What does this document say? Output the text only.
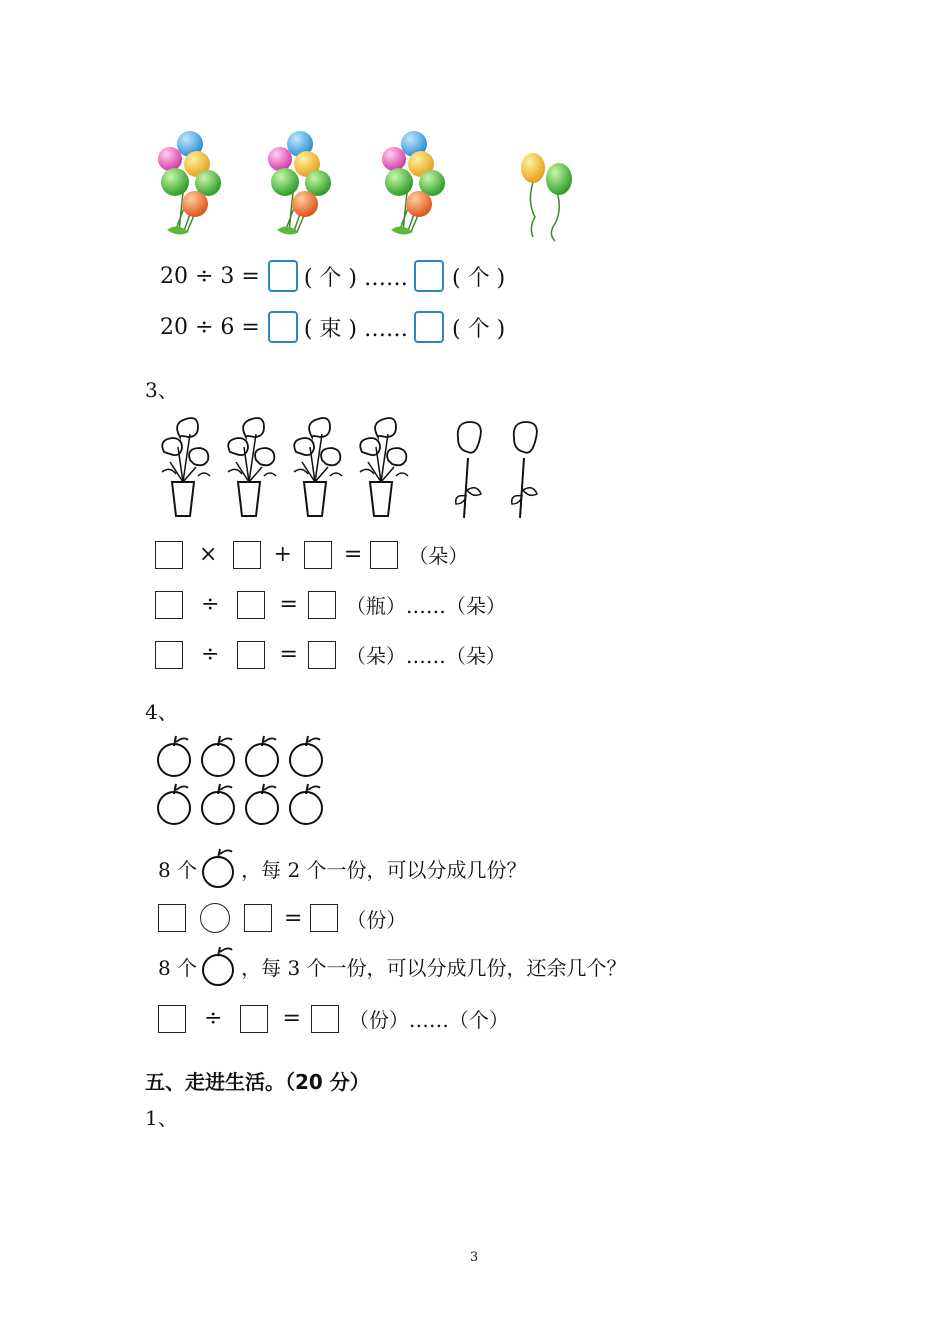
20 ÷ 3 = ( 个 ) …… ( 个 )
20 ÷ 6 = ( 束 ) …… ( 个 )
3、
×	+ = （朵）
÷	= （瓶）…… （朵）
÷	= （朵）…… （朵）
4、
8 个 ，每 2 个一份，可以分成几份？
= （份）
8 个 ，每 3 个一份，可以分成几份，还余几个？
÷	= （份）…… （个）
五、走进生活。（20 分）
1、
3
